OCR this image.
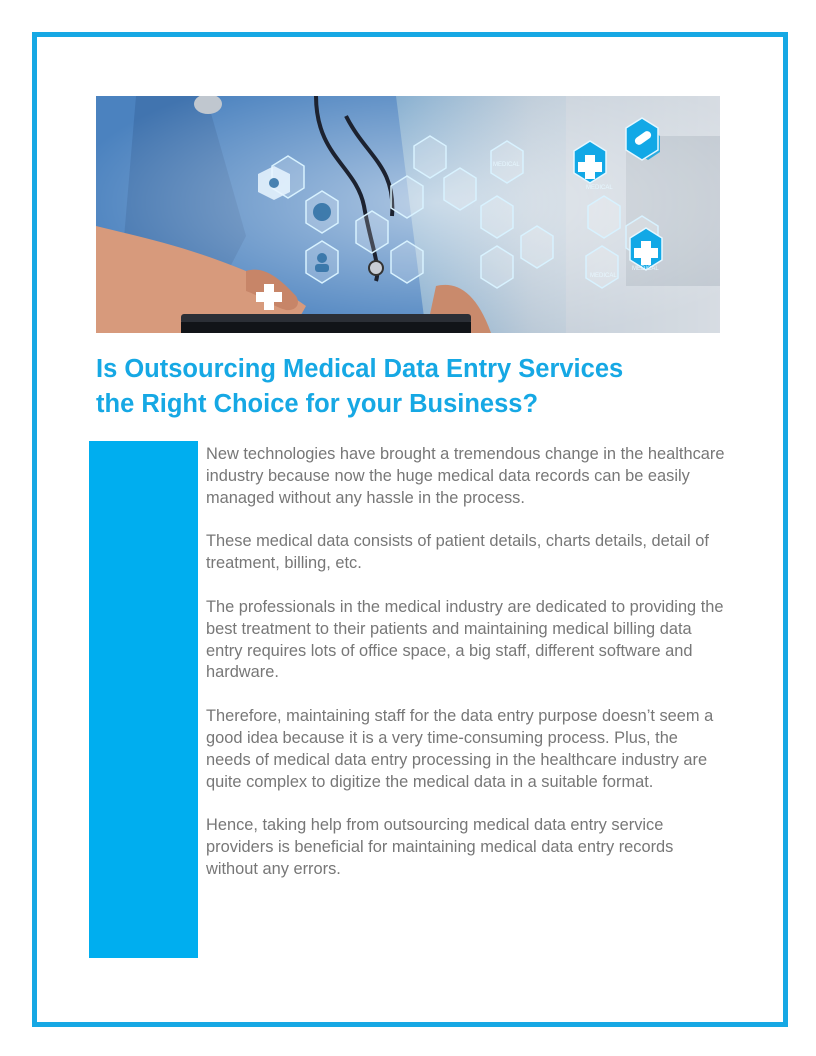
MEDICAL
MEDICAL
MEDICAL
MEDICAL
Is Outsourcing Medical Data Entry Services
the Right Choice for your Business?

New technologies have brought a tremendous change in the healthcare industry because now the huge medical data records can be easily managed without any hassle in the process.

These medical data consists of patient details, charts details, detail of treatment, billing, etc.

The professionals in the medical industry are dedicated to providing the best treatment to their patients and maintaining medical billing data entry requires lots of office space, a big staff, different software and hardware.

Therefore, maintaining staff for the data entry purpose doesn’t seem a good idea because it is a very time-consuming process. Plus, the needs of medical data entry processing in the healthcare industry are quite complex to digitize the medical data in a suitable format.

Hence, taking help from outsourcing medical data entry service providers is beneficial for maintaining medical data entry records without any errors.
